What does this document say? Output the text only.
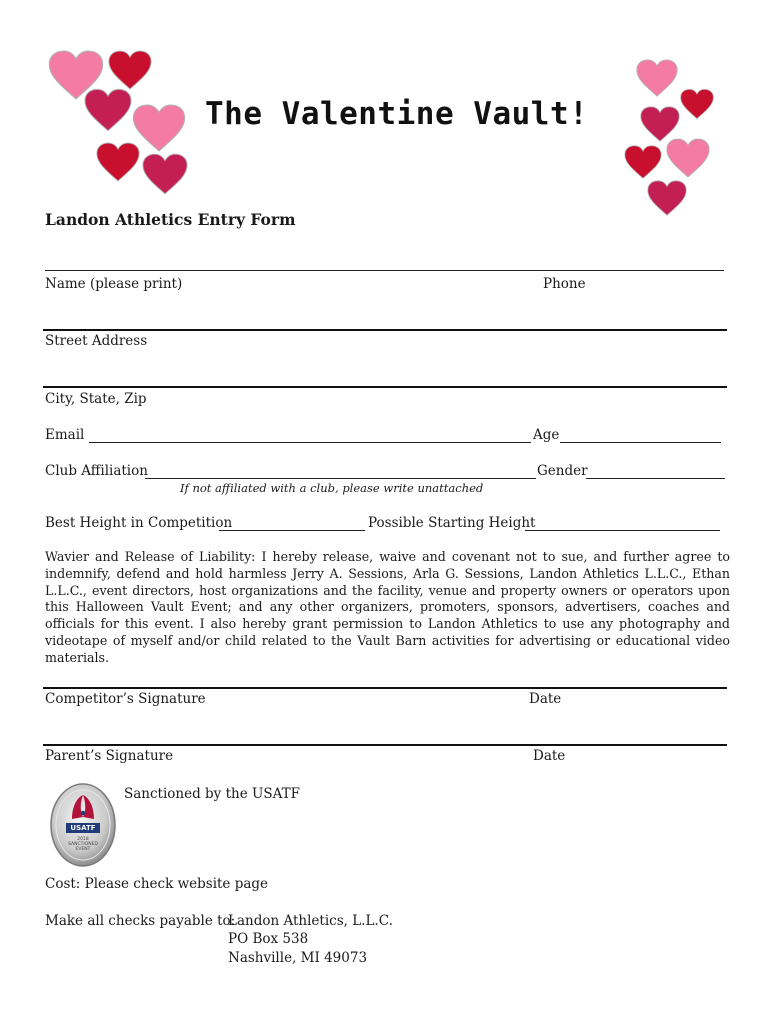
The Valentine Vault!
Landon Athletics Entry Form
Name (please print)	Phone
Street Address
City, State, Zip
Email	Age
Club Affiliation	Gender
If not affiliated with a club, please write unattached
Best Height in Competition	Possible Starting Height
Wavier and Release of Liability: I hereby release, waive and covenant not to sue, and further agree to indemnify, defend and hold harmless Jerry A. Sessions, Arla G. Sessions, Landon Athletics L.L.C., Ethan L.L.C., event directors, host organizations and the facility, venue and property owners or operators upon this Halloween Vault Event; and any other organizers, promoters, sponsors, advertisers, coaches and officials for this event. I also hereby grant permission to Landon Athletics to use any photography and videotape of myself and/or child related to the Vault Barn activities for advertising or educational video materials.
Competitor’s Signature	Date
Parent’s Signature	Date
USATF
2018
SANCTIONED
EVENT
Sanctioned by the USATF
Cost: Please check website page
Make all checks payable to:
Landon Athletics, L.L.C.
PO Box 538
Nashville, MI 49073
